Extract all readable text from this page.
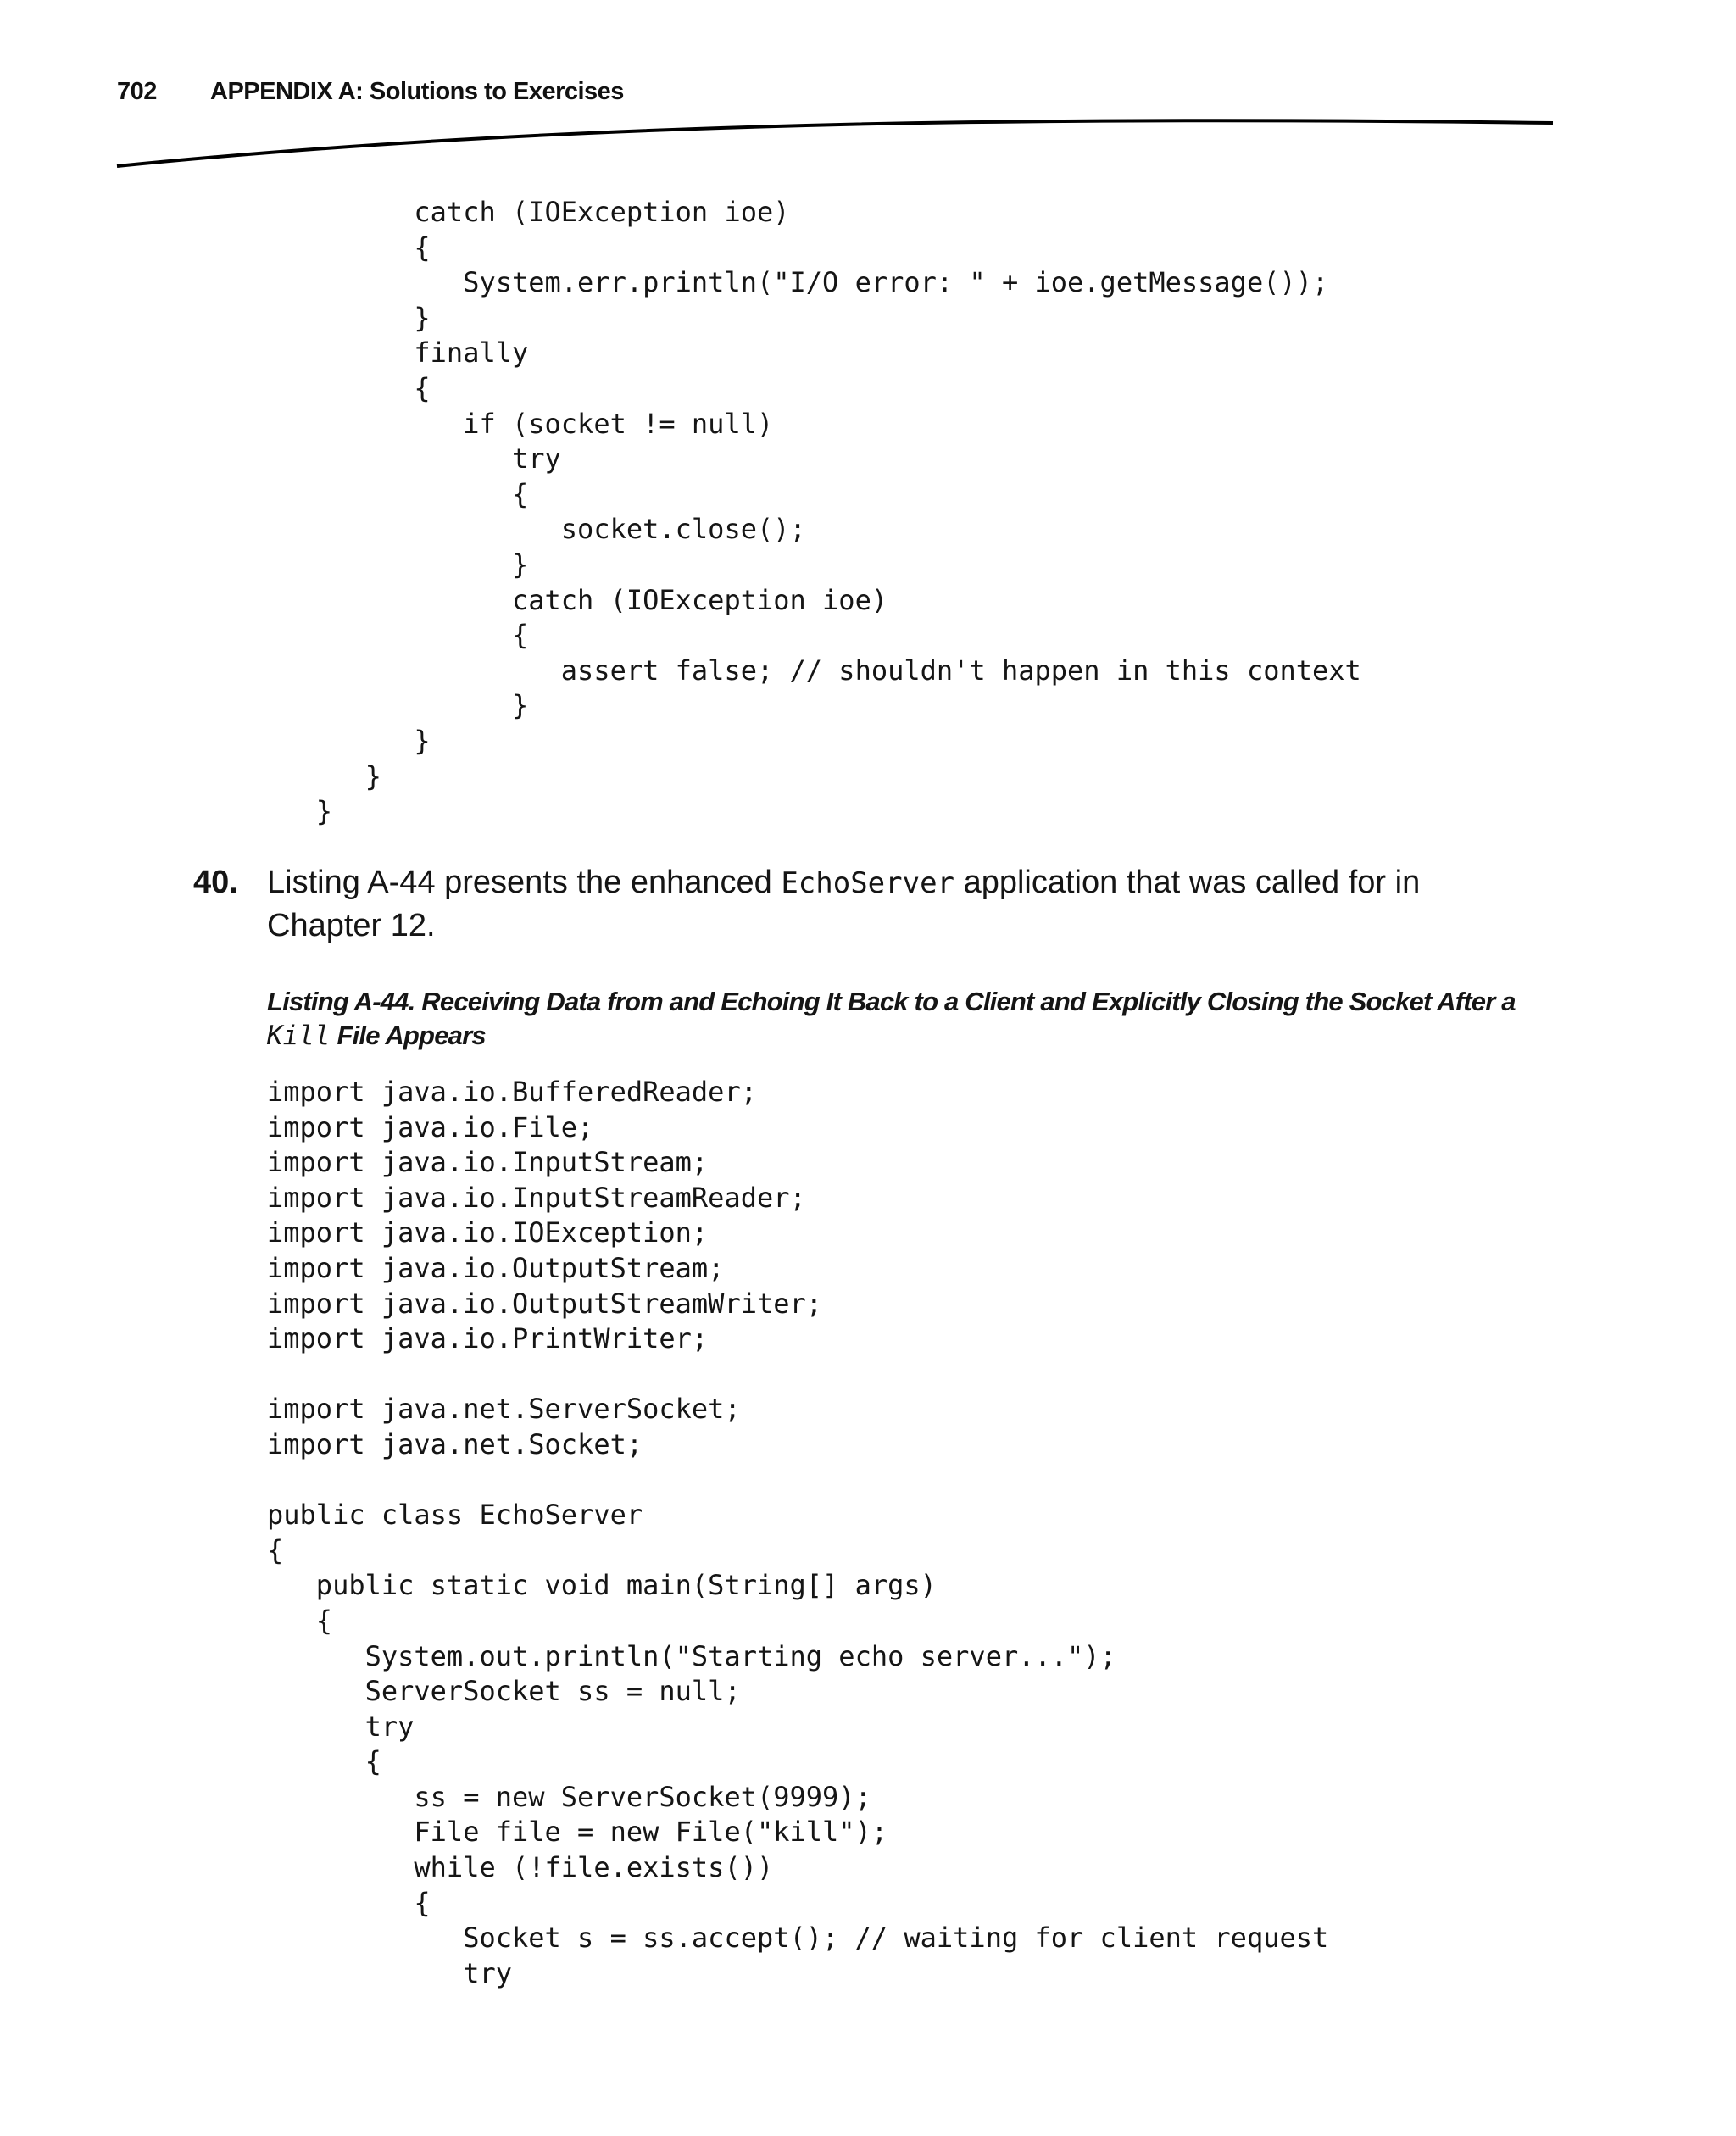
702	APPENDIX A: Solutions to Exercises
catch (IOException ioe)
{
System.err.println("I/O error: " + ioe.getMessage());
}
finally
{
if (socket != null)
try
{
socket.close();
}
catch (IOException ioe)
{
assert false; // shouldn't happen in this context
}
}
}
}
40. Listing A-44 presents the enhanced EchoServer application that was called for in Chapter 12.
Listing A-44. Receiving Data from and Echoing It Back to a Client and Explicitly Closing the Socket After a Kill File Appears
import java.io.BufferedReader;
import java.io.File;
import java.io.InputStream;
import java.io.InputStreamReader;
import java.io.IOException;
import java.io.OutputStream;
import java.io.OutputStreamWriter;
import java.io.PrintWriter;

import java.net.ServerSocket;
import java.net.Socket;

public class EchoServer
{
public static void main(String[] args)
{
System.out.println("Starting echo server...");
ServerSocket ss = null;
try
{
ss = new ServerSocket(9999);
File file = new File("kill");
while (!file.exists())
{
Socket s = ss.accept(); // waiting for client request
try
